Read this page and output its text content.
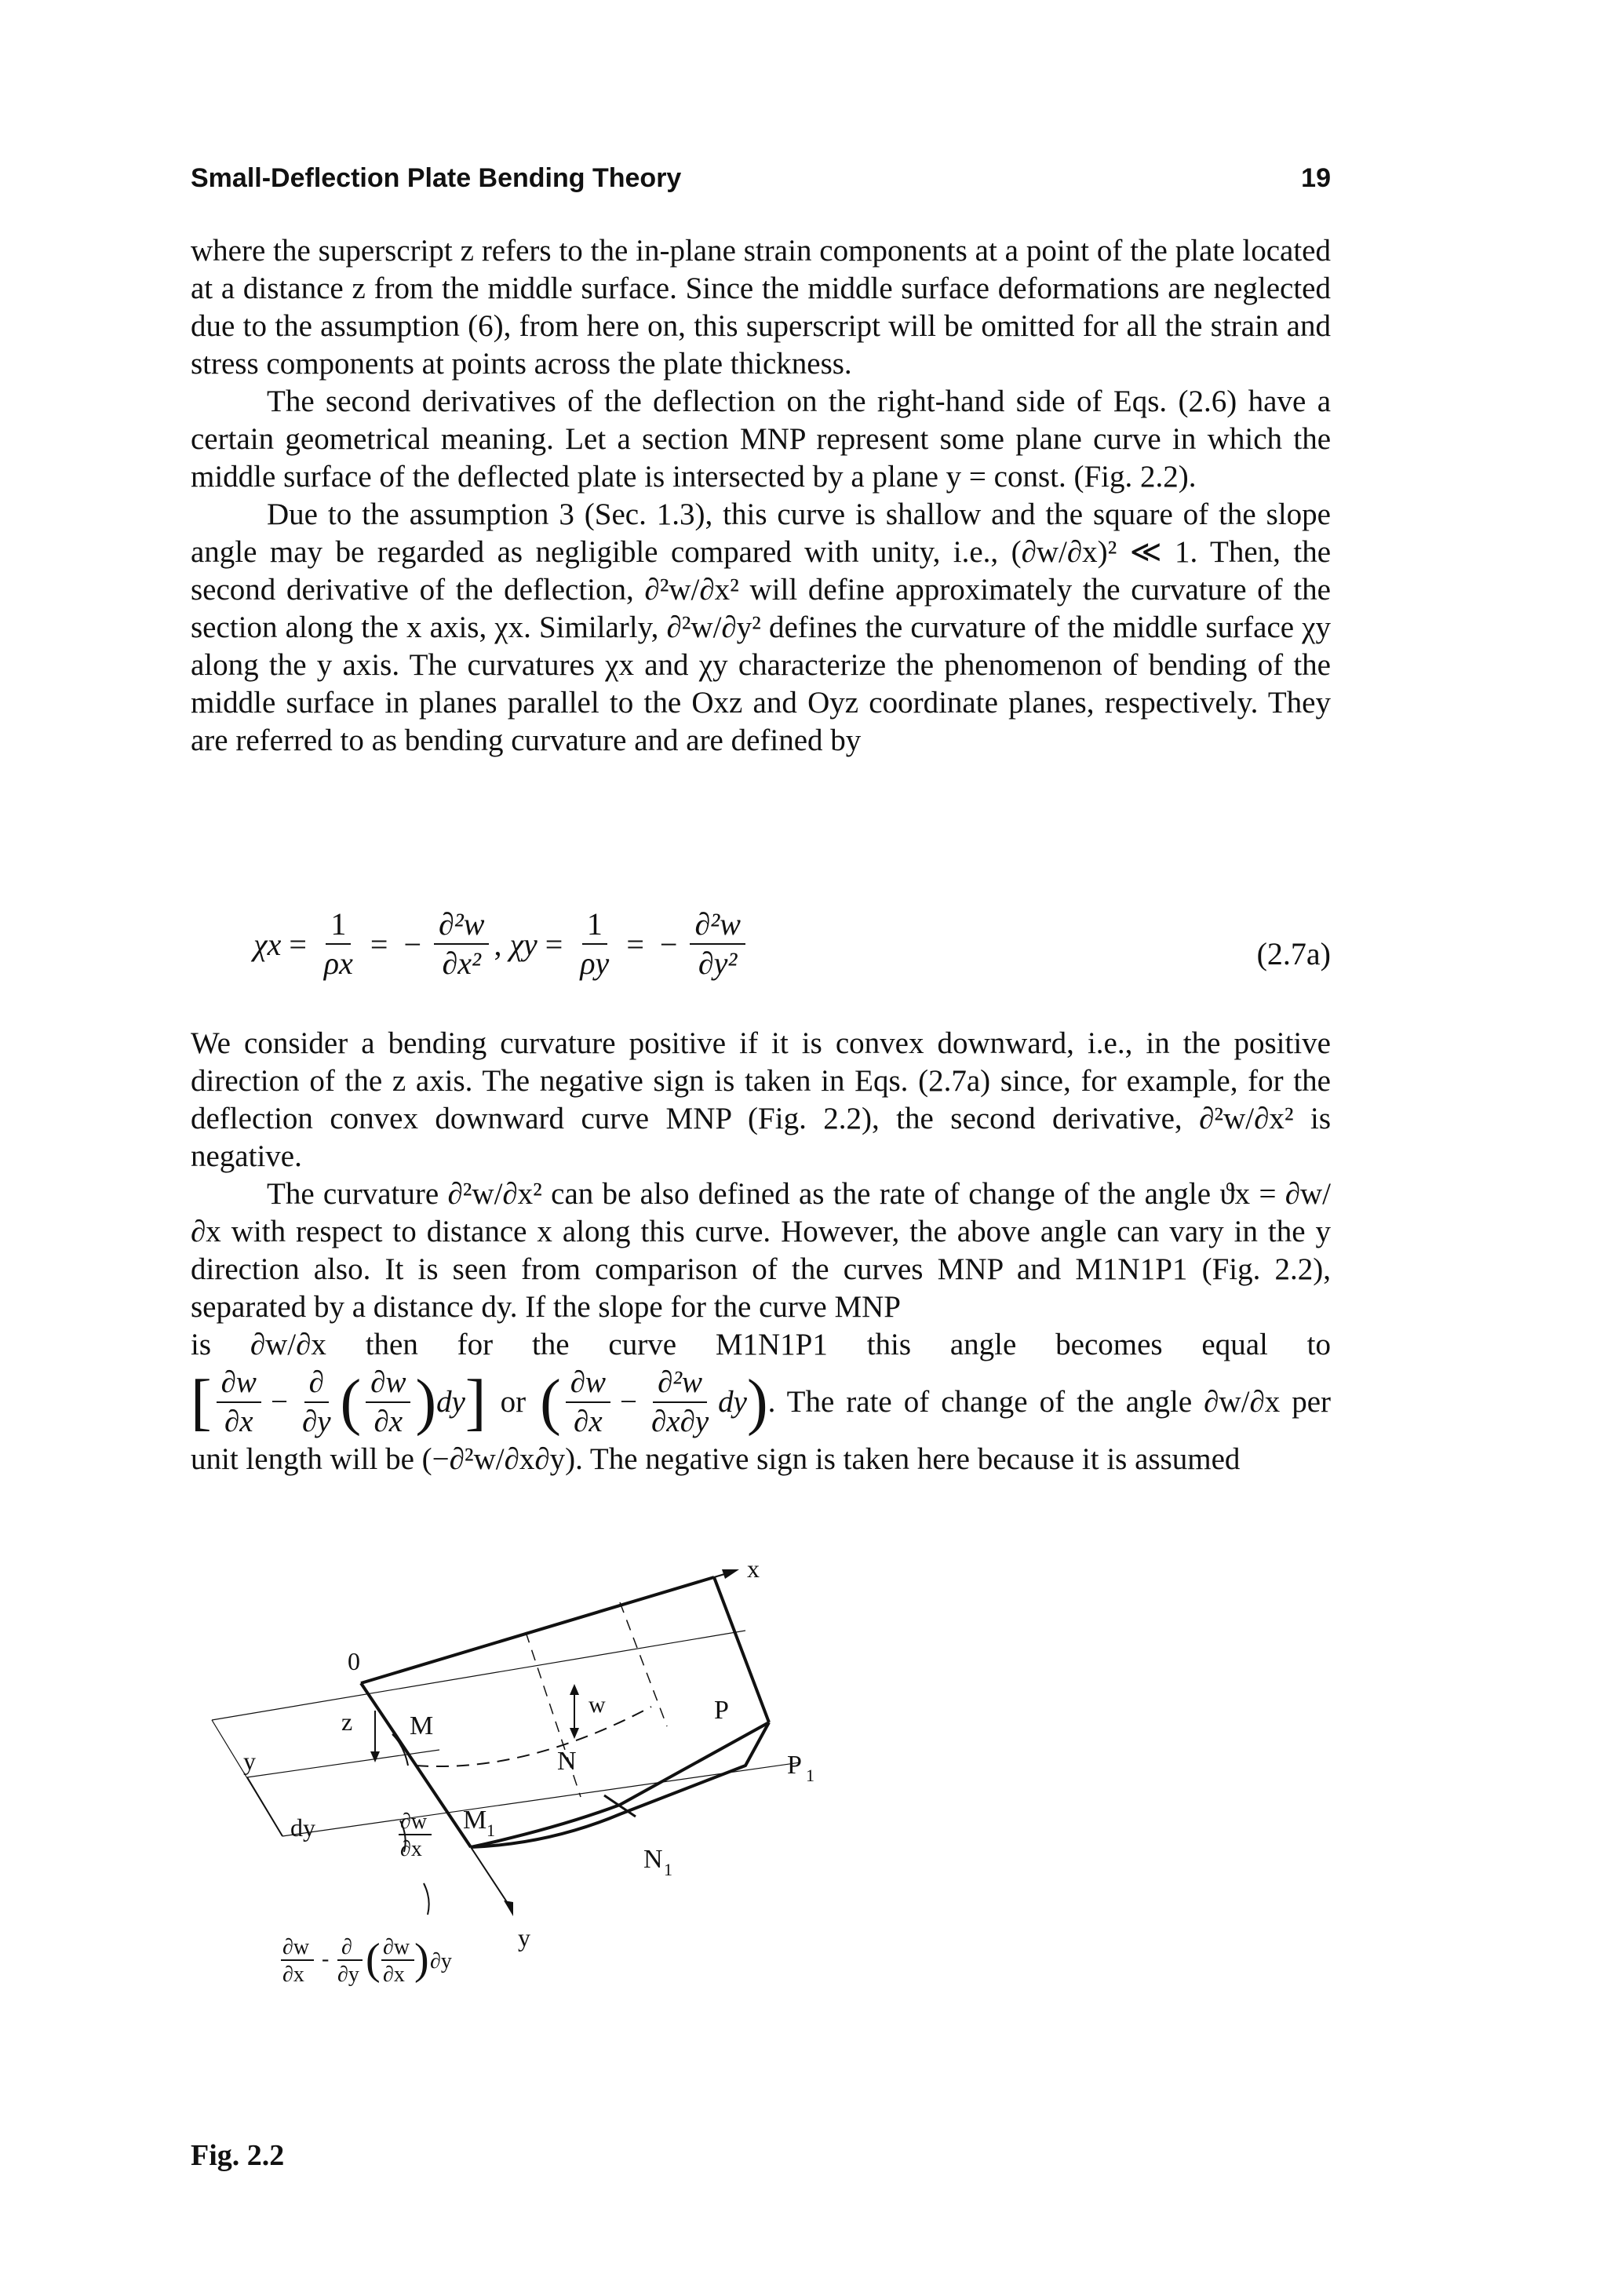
Small-Deflection Plate Bending Theory	19

where the superscript z refers to the in-plane strain components at a point of the plate located at a distance z from the middle surface. Since the middle surface deformations are neglected due to the assumption (6), from here on, this superscript will be omitted for all the strain and stress components at points across the plate thickness.

The second derivatives of the deflection on the right-hand side of Eqs. (2.6) have a certain geometrical meaning. Let a section MNP represent some plane curve in which the middle surface of the deflected plate is intersected by a plane y = const. (Fig. 2.2).

Due to the assumption 3 (Sec. 1.3), this curve is shallow and the square of the slope angle may be regarded as negligible compared with unity, i.e., (∂w/∂x)² ≪ 1. Then, the second derivative of the deflection, ∂²w/∂x² will define approximately the curvature of the section along the x axis, χx. Similarly, ∂²w/∂y² defines the curvature of the middle surface χy along the y axis. The curvatures χx and χy characterize the phenomenon of bending of the middle surface in planes parallel to the Oxz and Oyz coordinate planes, respectively. They are referred to as bending curvature and are defined by

$\chi x = \frac{1}{\rho x}$ = − $\frac{\text{∂²w}}{\text{∂x²}}$ , $\chi y = \frac{1}{\rho y}$ = − $\frac{\text{∂²w}}{\text{∂y²}}$	(2.7a)

We consider a bending curvature positive if it is convex downward, i.e., in the positive direction of the z axis. The negative sign is taken in Eqs. (2.7a) since, for example, for the deflection convex downward curve MNP (Fig. 2.2), the second derivative, ∂²w/∂x² is negative.

The curvature ∂²w/∂x² can be also defined as the rate of change of the angle ϑx = ∂w/∂x with respect to distance x along this curve. However, the above angle can vary in the y direction also. It is seen from comparison of the curves MNP and M1N1P1 (Fig. 2.2), separated by a distance dy. If the slope for the curve MNP

is ∂w/∂x then for the curve M1N1P1 this angle becomes equal to

[ $\frac{\partial w}{\partial x} - \frac{\partial}{\partial y}$ ( $\frac{\partial w}{\partial x}$ ) dy ] or ( $\frac{\partial w}{\partial x} - \frac{\text{∂²w}}{\partial x\partial y}$ dy ) . The rate of change of the angle ∂w/∂x per

unit length will be (−∂²w/∂x∂y). The negative sign is taken here because it is assumed

x
0
z M
P
w
N	P 1
M 1
N 1
y
y
dy	∂w
∂x
∂w
∂x
- ∂
∂y ( ∂w
∂x ) ∂y
Fig. 2.2
